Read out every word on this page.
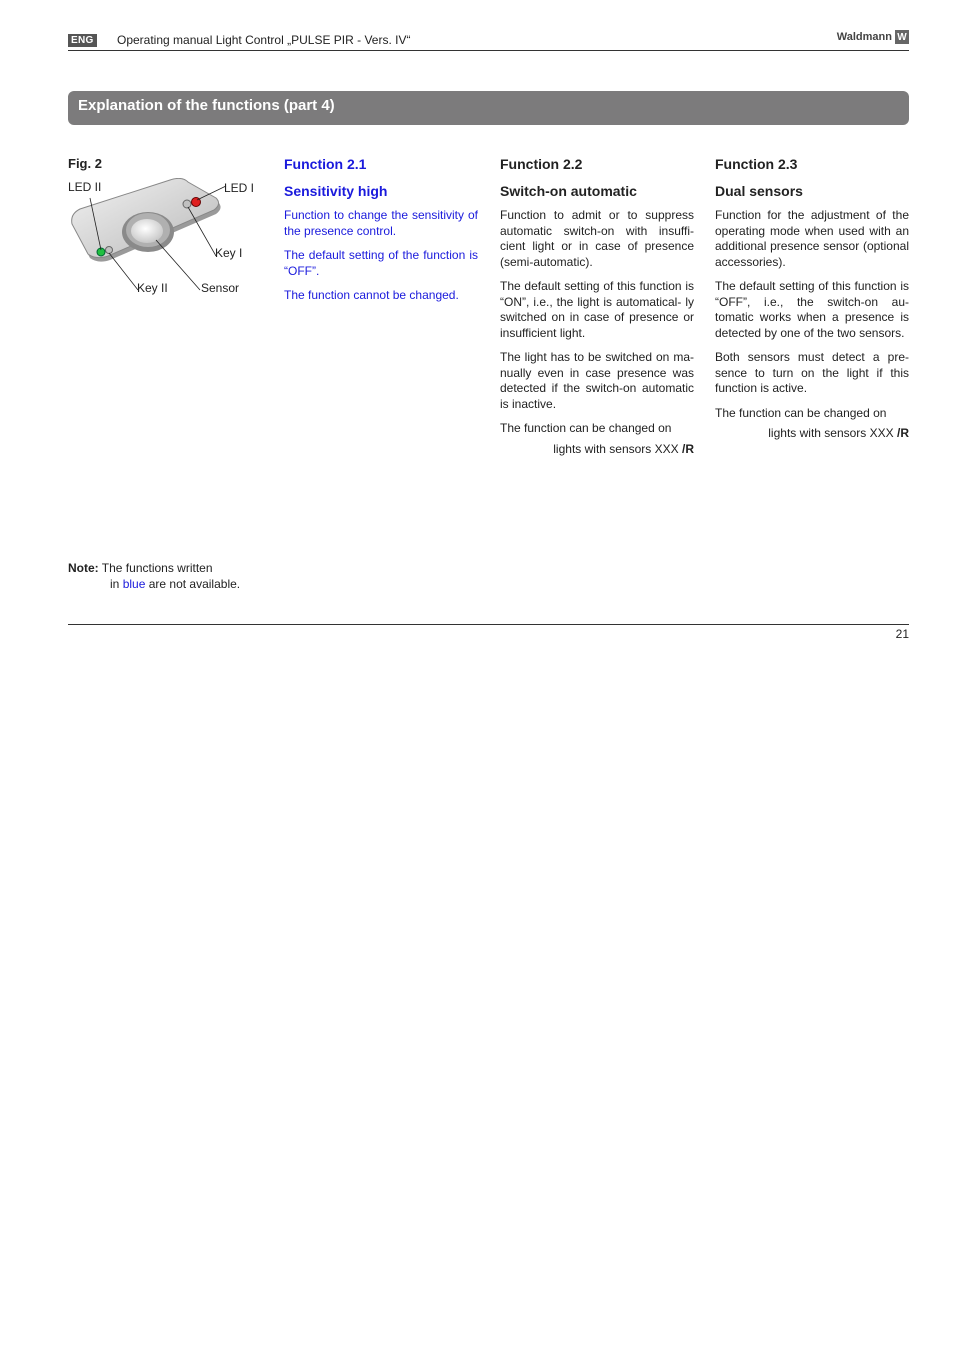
ENG Operating manual Light Control „PULSE PIR - Vers. IV“	Waldmann W
Explanation of the functions (part 4)
Fig. 2
LED II	LED I
Key I
Key II	Sensor
Function 2.1
Sensitivity high

Function to change the sensitivity of the presence control.

The default setting of the function is “OFF”.

The function cannot be changed.

Function 2.2
Switch-on automatic

Function to admit or to suppress automatic switch-on with insuffi- cient light or in case of presence (semi-automatic).

The default setting of this function is “ON”, i.e., the light is automatical- ly switched on in case of presence or insufficient light.

The light has to be switched on ma- nually even in case presence was detected if the switch-on automatic is inactive.

The function can be changed on

lights with sensors XXX /R

Function 2.3
Dual sensors

Function for the adjustment of the operating mode when used with an additional presence sensor (optional accessories).

The default setting of this function is “OFF”, i.e., the switch-on au- tomatic works when a presence is detected by one of the two sensors.

Both sensors must detect a pre- sence to turn on the light if this function is active.

The function can be changed on

lights with sensors XXX /R

Note: The functions written
in blue are not available.
21
